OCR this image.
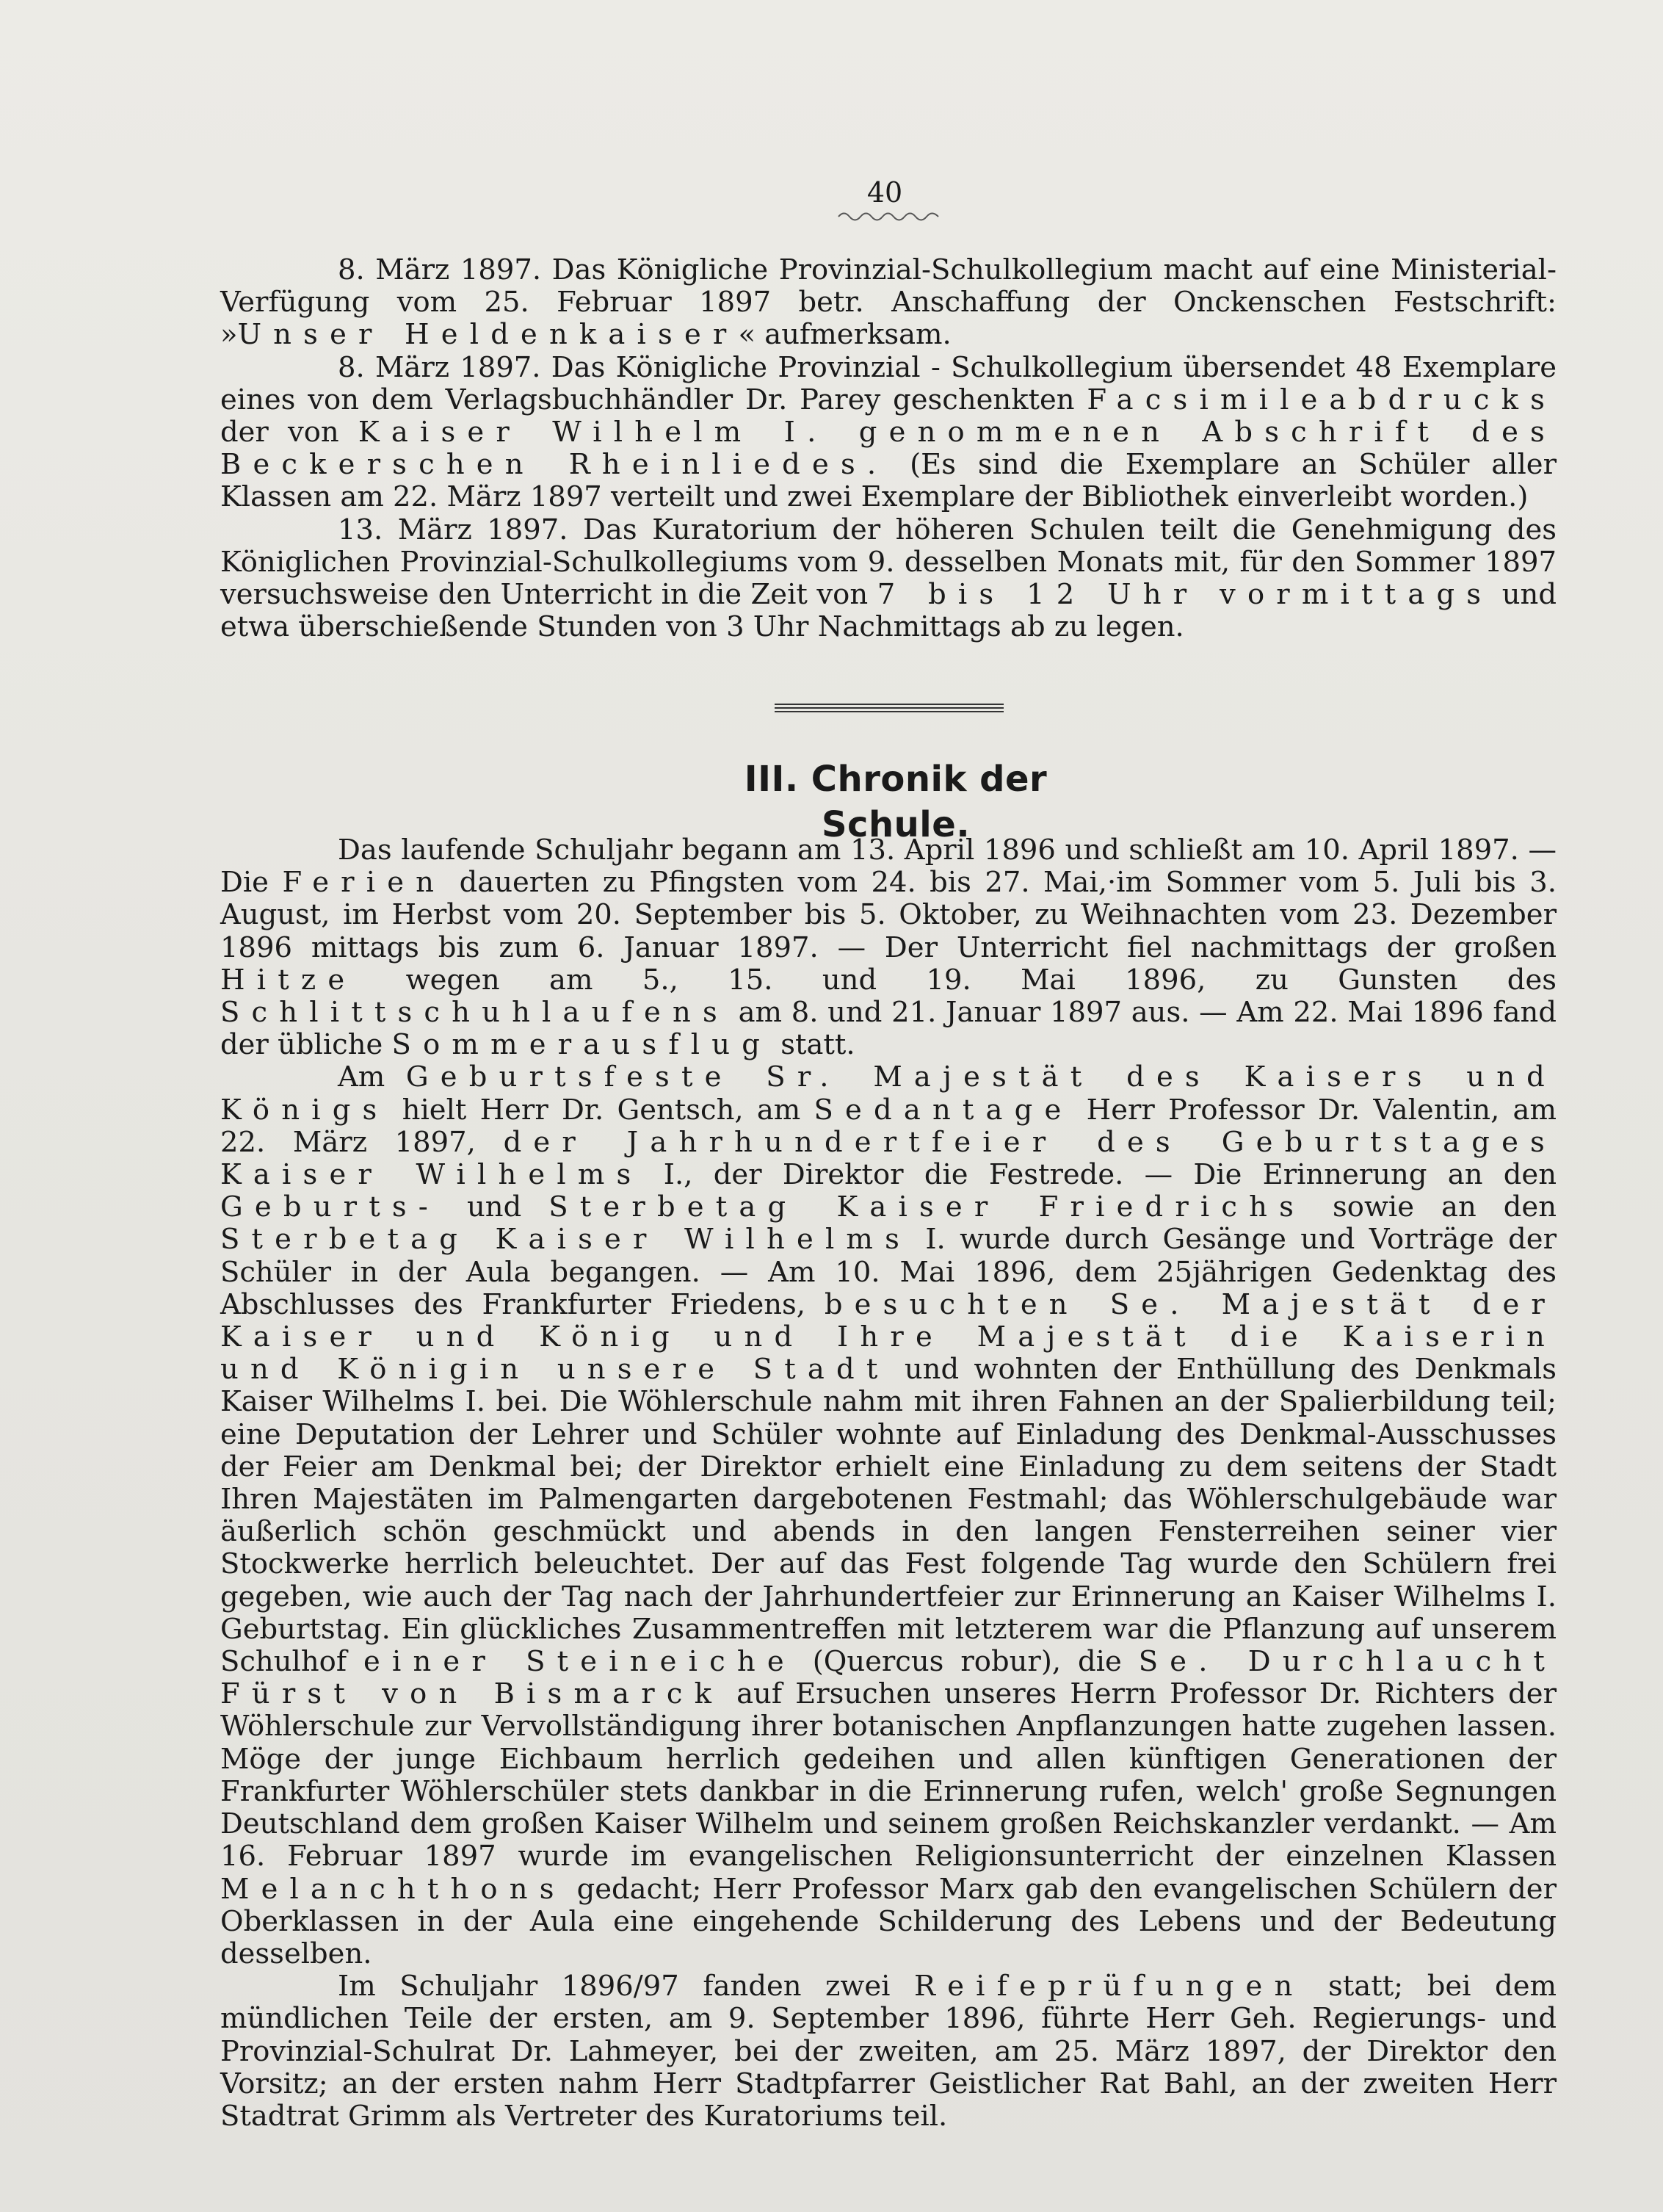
40

8. März 1897. Das Königliche Provinzial-Schulkollegium macht auf eine Ministerial-Verfügung vom 25. Februar 1897 betr. Anschaffung der Onckenschen Festschrift: »Unser Heldenkaiser« aufmerksam.

8. März 1897. Das Königliche Provinzial - Schulkollegium übersendet 48 Exemplare eines von dem Verlagsbuchhändler Dr. Parey geschenkten Facsimileabdrucks der von Kaiser Wilhelm I. genommenen Abschrift des Beckerschen Rheinliedes. (Es sind die Exemplare an Schüler aller Klassen am 22. März 1897 verteilt und zwei Exemplare der Bibliothek einverleibt worden.)

13. März 1897. Das Kuratorium der höheren Schulen teilt die Genehmigung des Königlichen Provinzial-Schulkollegiums vom 9. desselben Monats mit, für den Sommer 1897 versuchsweise den Unterricht in die Zeit von 7 bis 12 Uhr vormittags und etwa überschießende Stunden von 3 Uhr Nachmittags ab zu legen.

III. Chronik der Schule.

Das laufende Schuljahr begann am 13. April 1896 und schließt am 10. April 1897. — Die Ferien dauerten zu Pfingsten vom 24. bis 27. Mai,·im Sommer vom 5. Juli bis 3. August, im Herbst vom 20. September bis 5. Oktober, zu Weihnachten vom 23. Dezember 1896 mittags bis zum 6. Januar 1897. — Der Unterricht fiel nachmittags der großen Hitze wegen am 5., 15. und 19. Mai 1896, zu Gunsten des Schlittschuhlaufens am 8. und 21. Januar 1897 aus. — Am 22. Mai 1896 fand der übliche Sommerausflug statt.

Am Geburtsfeste Sr. Majestät des Kaisers und Königs hielt Herr Dr. Gentsch, am Sedantage Herr Professor Dr. Valentin, am 22. März 1897, der Jahrhundertfeier des Geburtstages Kaiser Wilhelms I., der Direktor die Festrede. — Die Erinnerung an den Geburts- und Sterbetag Kaiser Friedrichs sowie an den Sterbetag Kaiser Wilhelms I. wurde durch Gesänge und Vorträge der Schüler in der Aula begangen. — Am 10. Mai 1896, dem 25jährigen Gedenktag des Abschlusses des Frankfurter Friedens, besuchten Se. Majestät der Kaiser und König und Ihre Majestät die Kaiserin und Königin unsere Stadt und wohnten der Enthüllung des Denkmals Kaiser Wilhelms I. bei. Die Wöhlerschule nahm mit ihren Fahnen an der Spalierbildung teil; eine Deputation der Lehrer und Schüler wohnte auf Einladung des Denkmal-Ausschusses der Feier am Denkmal bei; der Direktor erhielt eine Einladung zu dem seitens der Stadt Ihren Majestäten im Palmengarten dargebotenen Festmahl; das Wöhlerschulgebäude war äußerlich schön geschmückt und abends in den langen Fensterreihen seiner vier Stockwerke herrlich beleuchtet. Der auf das Fest folgende Tag wurde den Schülern frei gegeben, wie auch der Tag nach der Jahrhundertfeier zur Erinnerung an Kaiser Wilhelms I. Geburtstag. Ein glückliches Zusammentreffen mit letzterem war die Pflanzung auf unserem Schulhof einer Steineiche (Quercus robur), die Se. Durchlaucht Fürst von Bismarck auf Ersuchen unseres Herrn Professor Dr. Richters der Wöhlerschule zur Vervollständigung ihrer botanischen Anpflanzungen hatte zugehen lassen. Möge der junge Eichbaum herrlich gedeihen und allen künftigen Generationen der Frankfurter Wöhlerschüler stets dankbar in die Erinnerung rufen, welch' große Segnungen Deutschland dem großen Kaiser Wilhelm und seinem großen Reichskanzler verdankt. — Am 16. Februar 1897 wurde im evangelischen Religionsunterricht der einzelnen Klassen Melanchthons gedacht; Herr Professor Marx gab den evangelischen Schülern der Oberklassen in der Aula eine eingehende Schilderung des Lebens und der Bedeutung desselben.

Im Schuljahr 1896/97 fanden zwei Reifeprüfungen statt; bei dem mündlichen Teile der ersten, am 9. September 1896, führte Herr Geh. Regierungs- und Provinzial-Schulrat Dr. Lahmeyer, bei der zweiten, am 25. März 1897, der Direktor den Vorsitz; an der ersten nahm Herr Stadtpfarrer Geistlicher Rat Bahl, an der zweiten Herr Stadtrat Grimm als Vertreter des Kuratoriums teil.
